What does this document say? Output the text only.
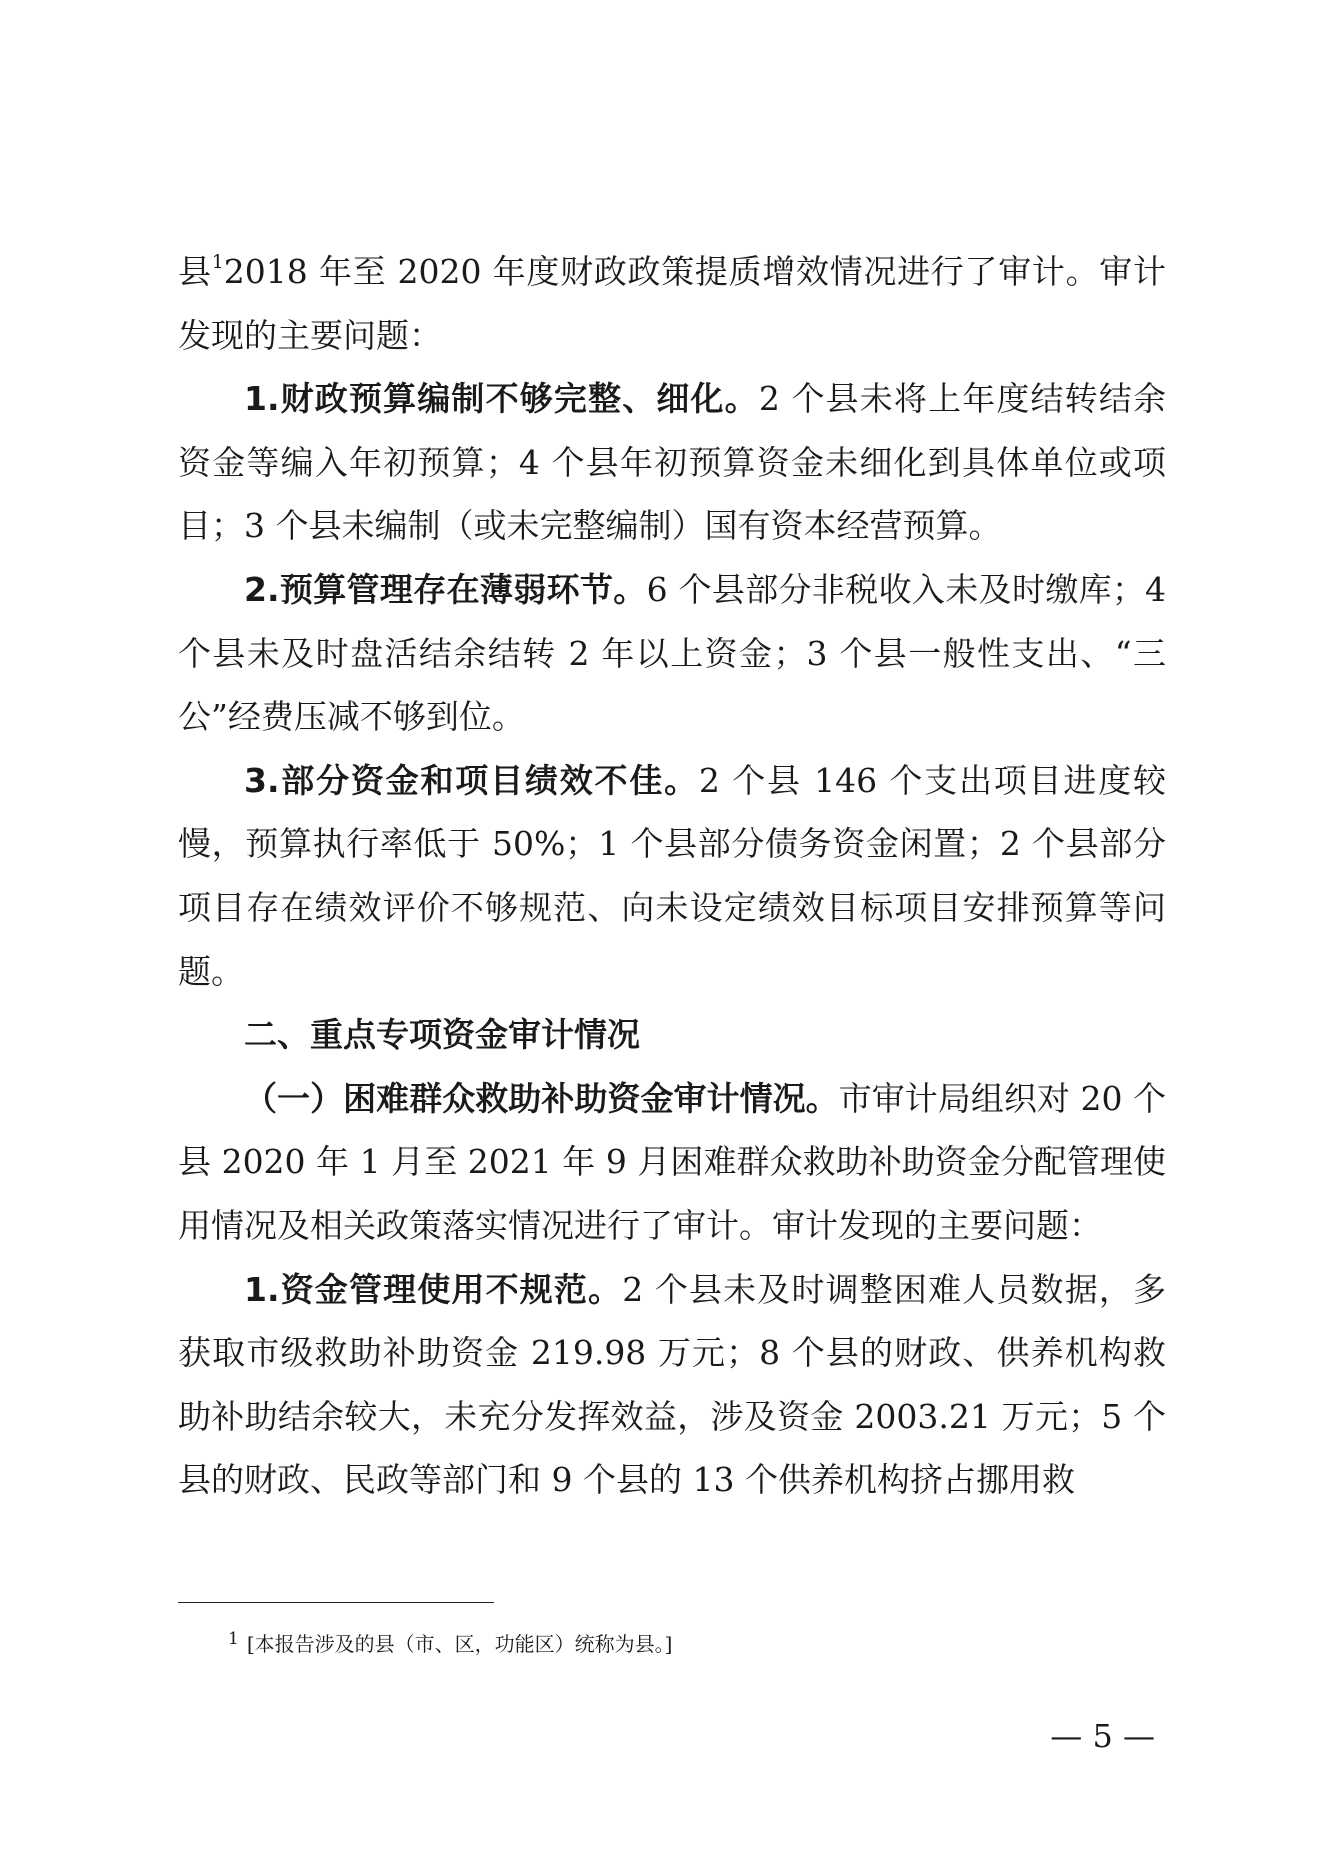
县$^1$2018 年至 2020 年度财政政策提质增效情况进行了审计。审计发现的主要问题：

1.财政预算编制不够完整、细化。2 个县未将上年度结转结余资金等编入年初预算；4 个县年初预算资金未细化到具体单位或项目；3 个县未编制（或未完整编制）国有资本经营预算。

2.预算管理存在薄弱环节。6 个县部分非税收入未及时缴库；4 个县未及时盘活结余结转 2 年以上资金；3 个县一般性支出、“三公”经费压减不够到位。

3.部分资金和项目绩效不佳。2 个县 146 个支出项目进度较慢，预算执行率低于 50%；1 个县部分债务资金闲置；2 个县部分项目存在绩效评价不够规范、向未设定绩效目标项目安排预算等问题。

二、重点专项资金审计情况

（一）困难群众救助补助资金审计情况。市审计局组织对 20 个县 2020 年 1 月至 2021 年 9 月困难群众救助补助资金分配管理使用情况及相关政策落实情况进行了审计。审计发现的主要问题：

1.资金管理使用不规范。2 个县未及时调整困难人员数据，多获取市级救助补助资金 219.98 万元；8 个县的财政、供养机构救助补助结余较大，未充分发挥效益，涉及资金 2003.21 万元；5 个县的财政、民政等部门和 9 个县的 13 个供养机构挤占挪用救

$^1$ [本报告涉及的县（市、区，功能区）统称为县。]
— 5 —
